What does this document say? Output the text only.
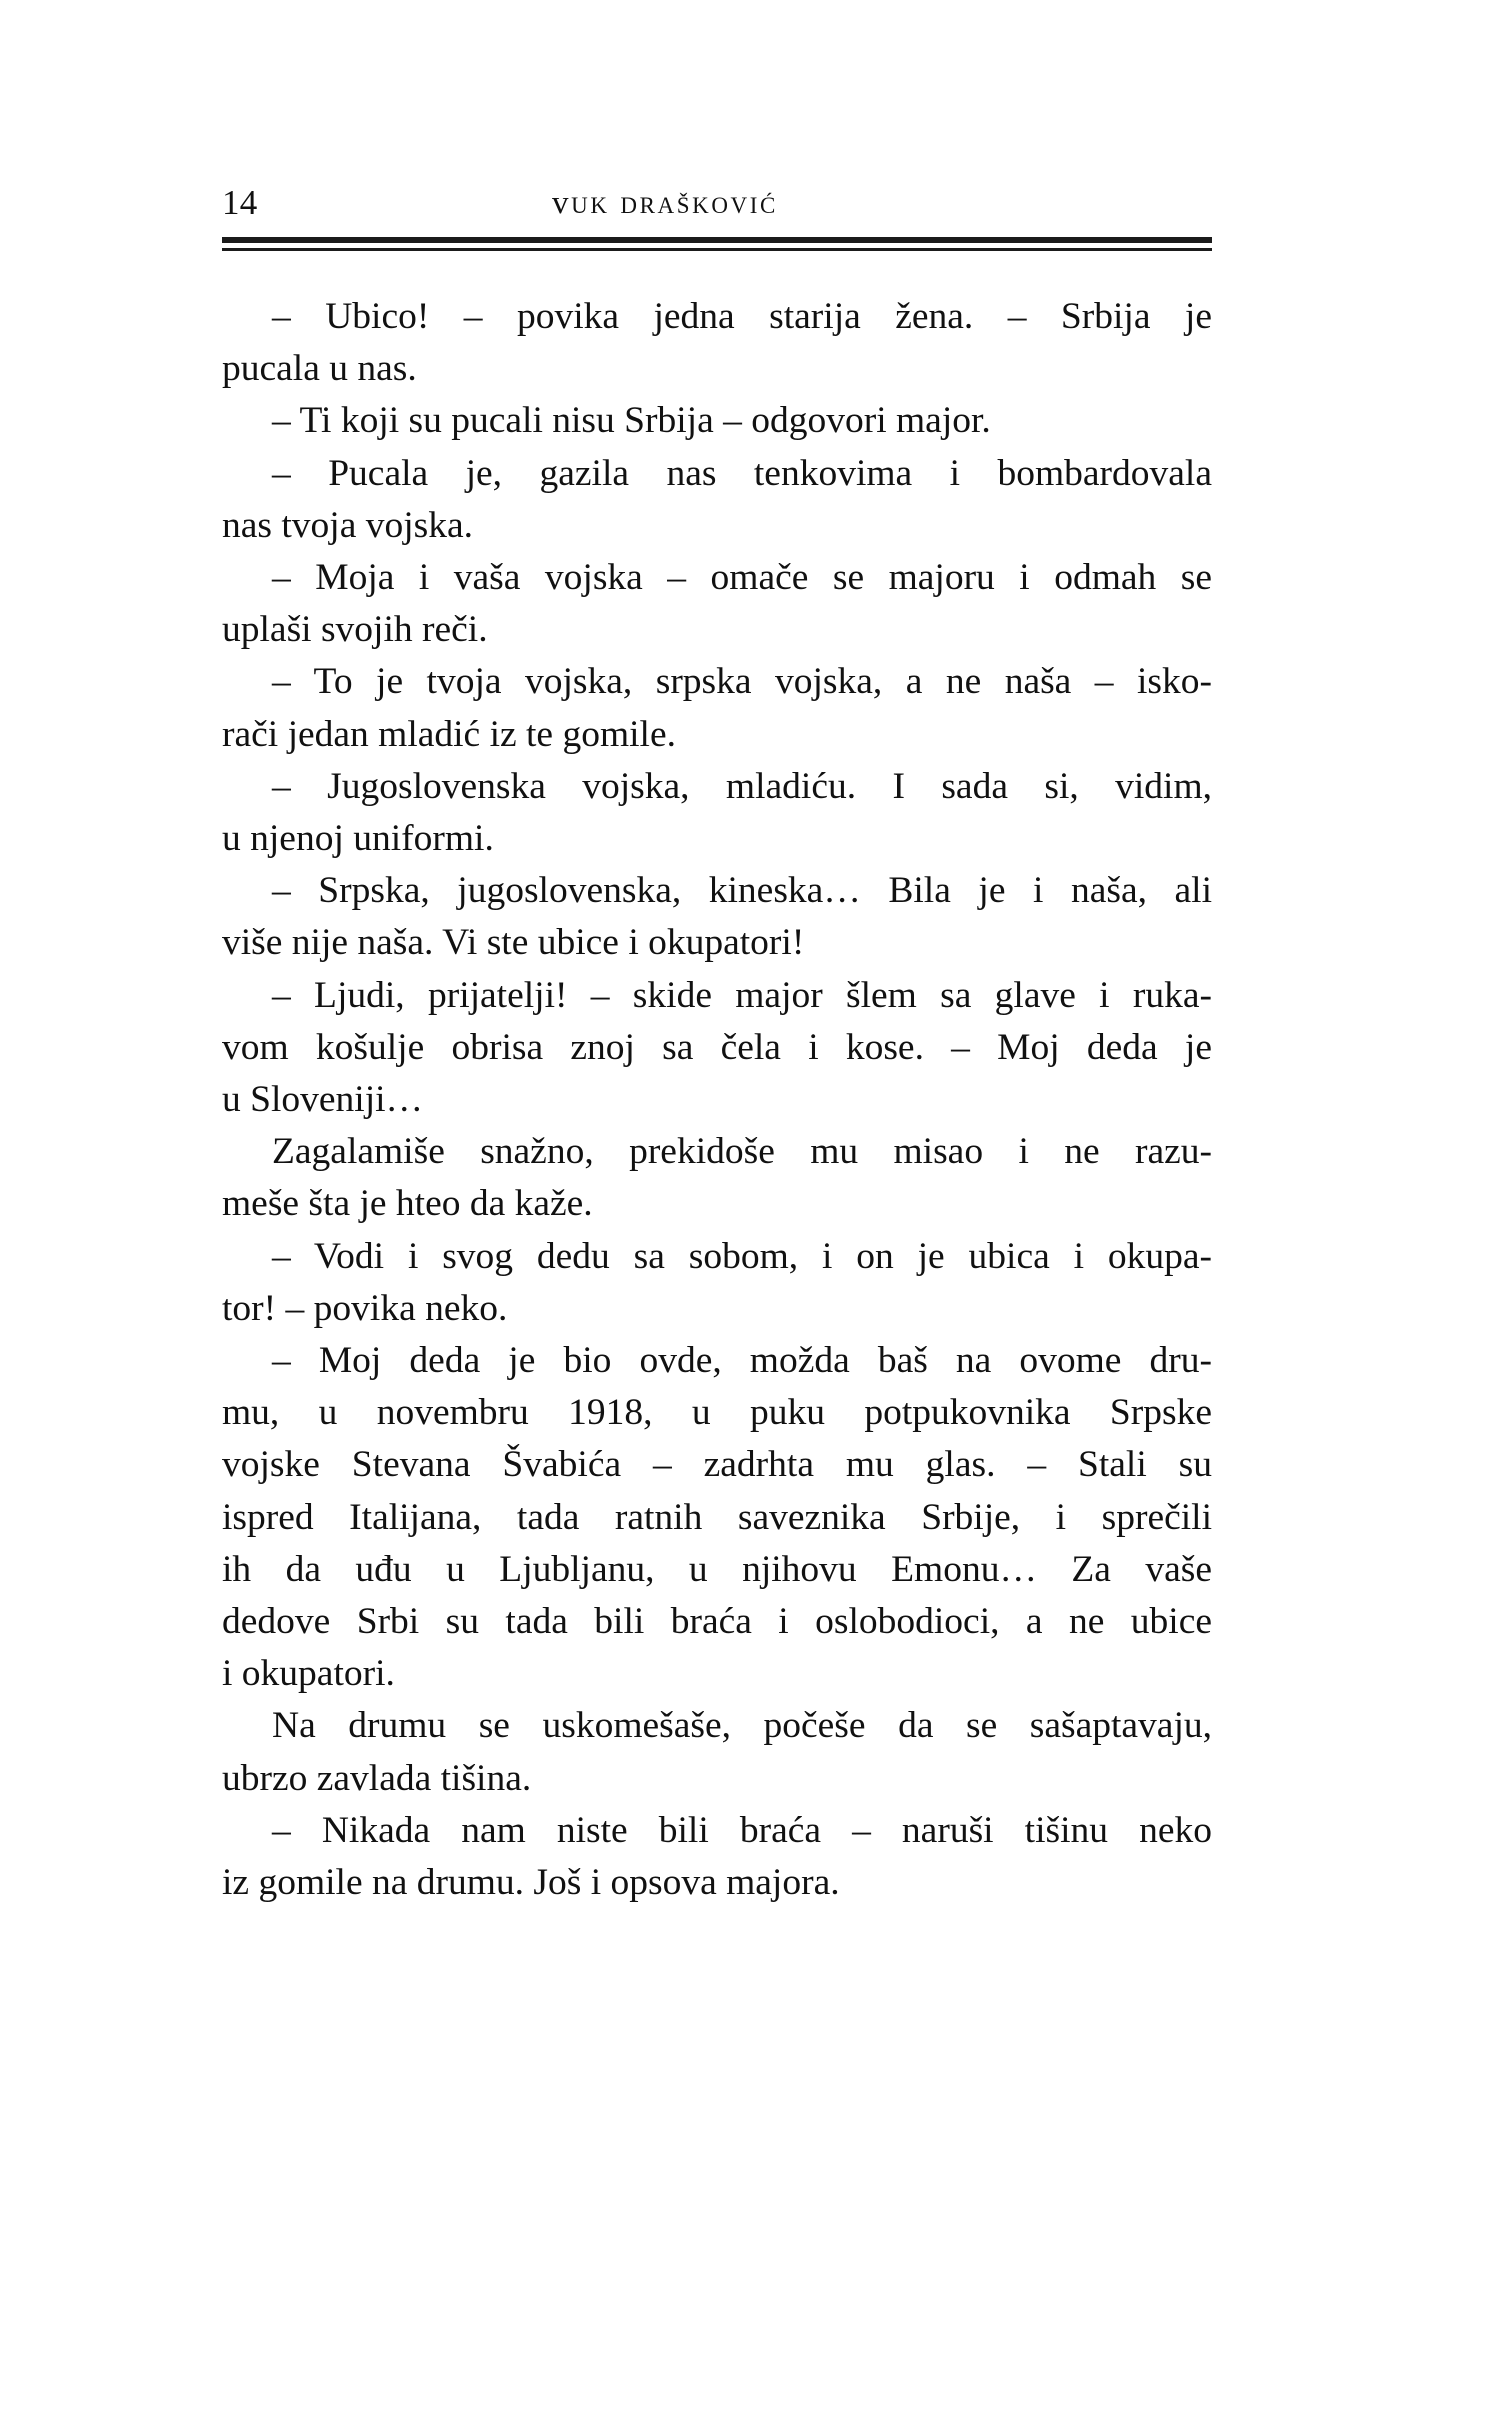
14	vuk drašković
– Ubico! – povika jedna starija žena. – Srbija je
pucala u nas.
– Ti koji su pucali nisu Srbija – odgovori major.
– Pucala je, gazila nas tenkovima i bombardovala
nas tvoja vojska.
– Moja i vaša vojska – omače se majoru i odmah se
uplaši svojih reči.
– To je tvoja vojska, srpska vojska, a ne naša – isko-
rači jedan mladić iz te gomile.
– Jugoslovenska vojska, mladiću. I sada si, vidim,
u njenoj uniformi.
– Srpska, jugoslovenska, kineska… Bila je i naša, ali
više nije naša. Vi ste ubice i okupatori!
– Ljudi, prijatelji! – skide major šlem sa glave i ruka-
vom košulje obrisa znoj sa čela i kose. – Moj deda je
u Sloveniji…
Zagalamiše snažno, prekidoše mu misao i ne razu-
meše šta je hteo da kaže.
– Vodi i svog dedu sa sobom, i on je ubica i okupa-
tor! – povika neko.
– Moj deda je bio ovde, možda baš na ovome dru-
mu, u novembru 1918, u puku potpukovnika Srpske
vojske Stevana Švabića – zadrhta mu glas. – Stali su
ispred Italijana, tada ratnih saveznika Srbije, i sprečili
ih da uđu u Ljubljanu, u njihovu Emonu… Za vaše
dedove Srbi su tada bili braća i oslobodioci, a ne ubice
i okupatori.
Na drumu se uskomešaše, počeše da se sašaptavaju,
ubrzo zavlada tišina.
– Nikada nam niste bili braća – naruši tišinu neko
iz gomile na drumu. Još i opsova majora.
